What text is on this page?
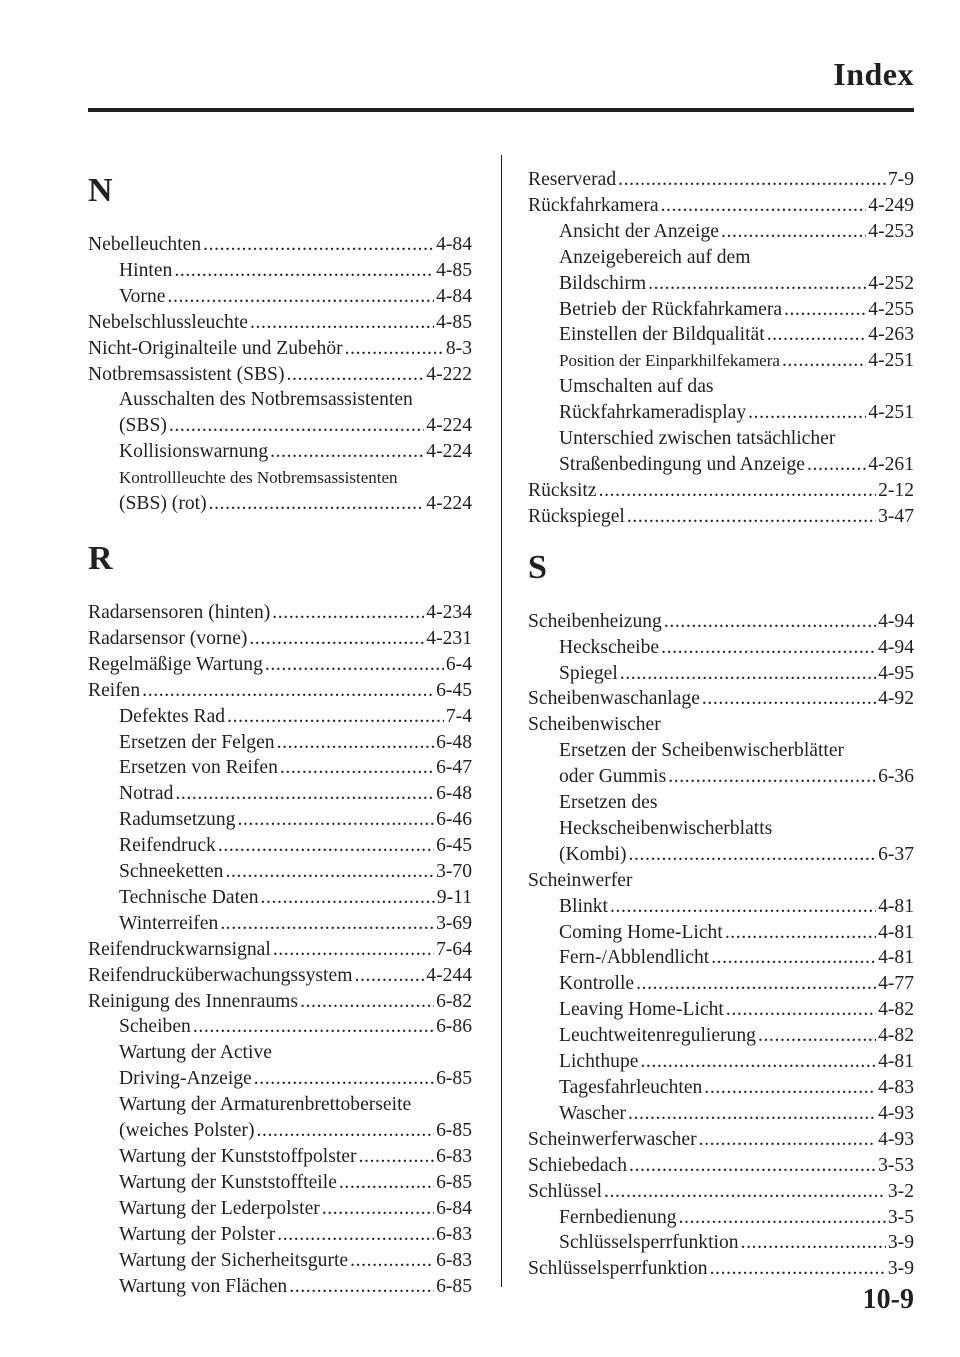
Index
N
Nebelleuchten .....	4-84
Hinten .....	4-85
Vorne .....	4-84
Nebelschlussleuchte .....	4-85
Nicht-Originalteile und Zubehör .....	8-3
Notbremsassistent (SBS) .....	4-222
Ausschalten des Notbremsassistenten
(SBS) .....	4-224
Kollisionswarnung .....	4-224
Kontrollleuchte des Notbremsassistenten
(SBS) (rot) .....	4-224
R
Radarsensoren (hinten) .....	4-234
Radarsensor (vorne) .....	4-231
Regelmäßige Wartung .....	6-4
Reifen .....	6-45
Defektes Rad .....	7-4
Ersetzen der Felgen .....	6-48
Ersetzen von Reifen .....	6-47
Notrad .....	6-48
Radumsetzung .....	6-46
Reifendruck .....	6-45
Schneeketten .....	3-70
Technische Daten .....	9-11
Winterreifen .....	3-69
Reifendruckwarnsignal .....	7-64
Reifendrucküberwachungssystem .....	4-244
Reinigung des Innenraums .....	6-82
Scheiben .....	6-86
Wartung der Active
Driving-Anzeige .....	6-85
Wartung der Armaturenbrettoberseite
(weiches Polster) .....	6-85
Wartung der Kunststoffpolster .....	6-83
Wartung der Kunststoffteile .....	6-85
Wartung der Lederpolster .....	6-84
Wartung der Polster .....	6-83
Wartung der Sicherheitsgurte .....	6-83
Wartung von Flächen .....	6-85
Reserverad .....	7-9
Rückfahrkamera .....	4-249
Ansicht der Anzeige .....	4-253
Anzeigebereich auf dem
Bildschirm .....	4-252
Betrieb der Rückfahrkamera .....	4-255
Einstellen der Bildqualität .....	4-263
Position der Einparkhilfekamera .....	4-251
Umschalten auf das
Rückfahrkameradisplay .....	4-251
Unterschied zwischen tatsächlicher
Straßenbedingung und Anzeige .....	4-261
Rücksitz .....	2-12
Rückspiegel .....	3-47
S
Scheibenheizung .....	4-94
Heckscheibe .....	4-94
Spiegel .....	4-95
Scheibenwaschanlage .....	4-92
Scheibenwischer
Ersetzen der Scheibenwischerblätter
oder Gummis .....	6-36
Ersetzen des
Heckscheibenwischerblatts
(Kombi) .....	6-37
Scheinwerfer
Blinkt .....	4-81
Coming Home-Licht .....	4-81
Fern-/Abblendlicht .....	4-81
Kontrolle .....	4-77
Leaving Home-Licht .....	4-82
Leuchtweitenregulierung .....	4-82
Lichthupe .....	4-81
Tagesfahrleuchten .....	4-83
Wascher .....	4-93
Scheinwerferwascher .....	4-93
Schiebedach .....	3-53
Schlüssel .....	3-2
Fernbedienung .....	3-5
Schlüsselsperrfunktion .....	3-9
Schlüsselsperrfunktion .....	3-9
10-9
